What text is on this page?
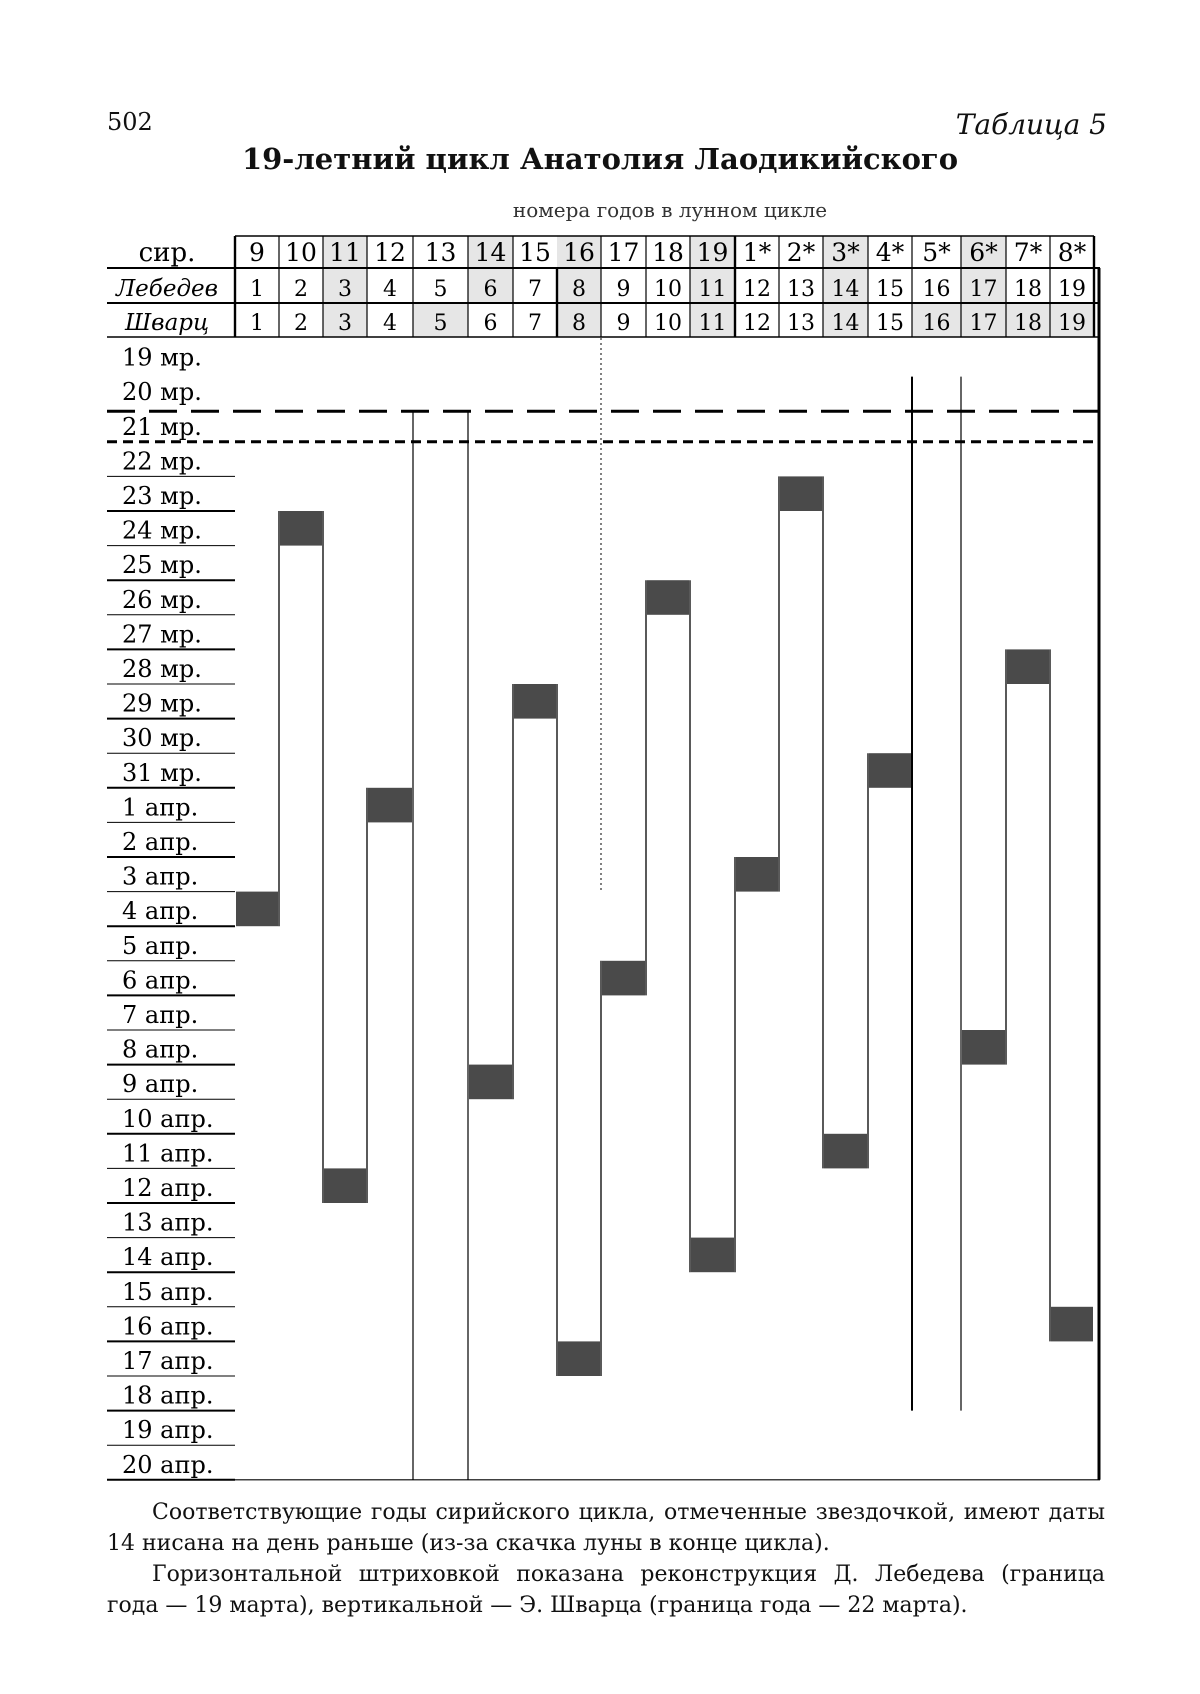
502	Таблица 5
19-летний цикл Анатолия Лаодикийского
номера годов в лунном цикле
сир. 9 10 11 12 13 14 15 16 17 18 19 1* 2* 3* 4* 5* 6* 7* 8*
Лебедев 1 2 3 4 5 6 7 8 9 10 11 12 13 14 15 16 17 18 19
Шварц 1 2 3 4 5 6 7 8 9 10 11 12 13 14 15 16 17 18 19
19 мр.
20 мр.
21 мр.
22 мр.
23 мр.
24 мр.
25 мр.
26 мр.
27 мр.
28 мр.
29 мр.
30 мр.
31 мр.
1 апр.
2 апр.
3 апр.
4 апр.
5 апр.
6 апр.
7 апр.
8 апр.
9 апр.
10 апр.
11 апр.
12 апр.
13 апр.
14 апр.
15 апр.
16 апр.
17 апр.
18 апр.
19 апр.
20 апр.

Соответствующие годы сирийского цикла, отмеченные звездочкой, имеют даты 14 нисана на день раньше (из-за скачка луны в конце цикла).

Горизонтальной штриховкой показана реконструкция Д. Лебедева (граница года — 19 марта), вертикальной — Э. Шварца (граница года — 22 марта).
